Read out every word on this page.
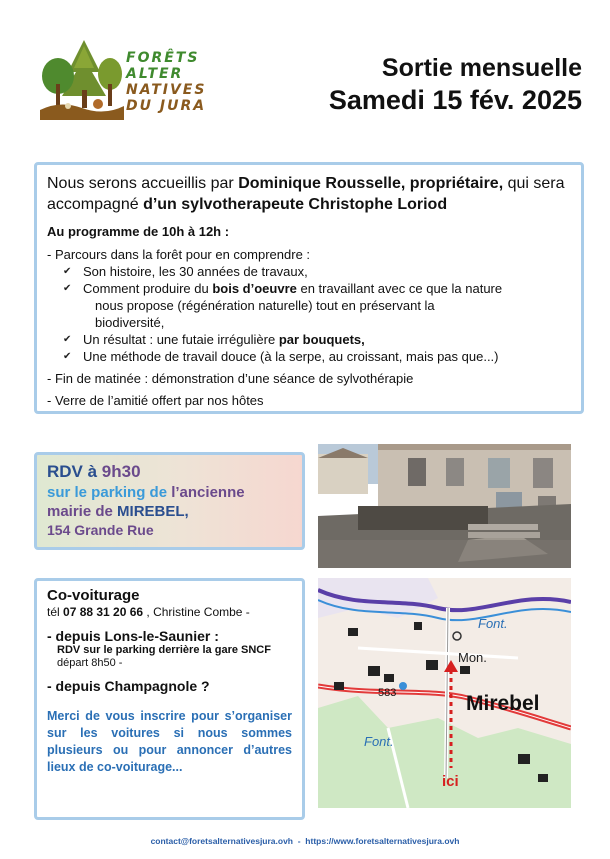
FORÊTS
ALTER
NATIVES
DU JURA
Sortie mensuelle
Samedi 15 fév. 2025
Nous serons accueillis par Dominique Rousselle, propriétaire, qui sera accompagné d’un sylvotherapeute Christophe Loriod
Au programme de 10h à 12h :
- Parcours dans la forêt pour en comprendre :
✔ Son histoire, les 30 années de travaux,
✔ Comment produire du bois d’oeuvre en travaillant avec ce que la nature
nous propose (régénération naturelle) tout en préservant la
biodiversité,
✔ Un résultat : une futaie irrégulière par bouquets,
✔ Une méthode de travail douce (à la serpe, au croissant, mais pas que...)
- Fin de matinée : démonstration d’une séance de sylvothérapie
- Verre de l’amitié offert par nos hôtes
RDV à 9h30
sur le parking de l’ancienne
mairie de MIREBEL,
154 Grande Rue
Co-voiturage
tél 07 88 31 20 66 , Christine Combe -
- depuis Lons-le-Saunier :
RDV sur le parking derrière la gare SNCF
départ 8h50 -
- depuis Champagnole ?
Merci de vous inscrire pour s’organiser sur les voitures si nous sommes plusieurs ou pour annoncer d’autres lieux de co-voiturage...
Font.
Mon.
Mirebel
583
Font.
ici
contact@foretsalternativesjura.ovh  -  https://www.foretsalternativesjura.ovh
